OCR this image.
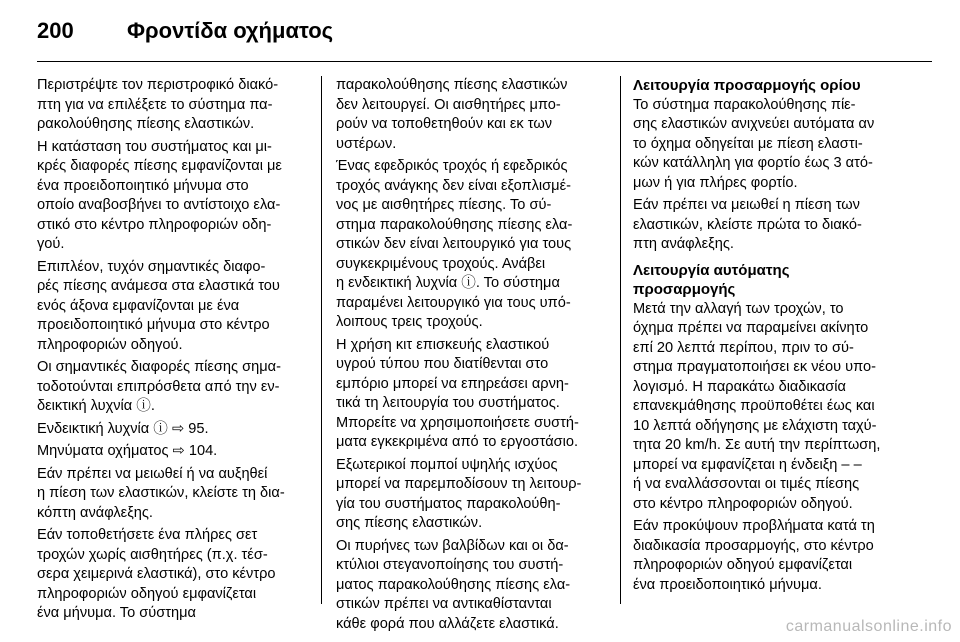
200	Φροντίδα οχήματος

Περιστρέψτε τον περιστροφικό διακό-
πτη για να επιλέξετε το σύστημα πα-
ρακολούθησης πίεσης ελαστικών.

Η κατάσταση του συστήματος και μι-
κρές διαφορές πίεσης εμφανίζονται με
ένα προειδοποιητικό μήνυμα στο
οποίο αναβοσβήνει το αντίστοιχο ελα-
στικό στο κέντρο πληροφοριών οδη-
γού.

Επιπλέον, τυχόν σημαντικές διαφο-
ρές πίεσης ανάμεσα στα ελαστικά του
ενός άξονα εμφανίζονται με ένα
προειδοποιητικό μήνυμα στο κέντρο
πληροφοριών οδηγού.

Οι σημαντικές διαφορές πίεσης σημα-
τοδοτούνται επιπρόσθετα από την εν-
δεικτική λυχνία ⓘ.

Ενδεικτική λυχνία ⓘ ⇨ 95.

Μηνύματα οχήματος ⇨ 104.

Εάν πρέπει να μειωθεί ή να αυξηθεί
η πίεση των ελαστικών, κλείστε τη δια-
κόπτη ανάφλεξης.

Εάν τοποθετήσετε ένα πλήρες σετ
τροχών χωρίς αισθητήρες (π.χ. τέσ-
σερα χειμερινά ελαστικά), στο κέντρο
πληροφοριών οδηγού εμφανίζεται
ένα μήνυμα. Το σύστημα

παρακολούθησης πίεσης ελαστικών
δεν λειτουργεί. Οι αισθητήρες μπο-
ρούν να τοποθετηθούν και εκ των
υστέρων.

Ένας εφεδρικός τροχός ή εφεδρικός
τροχός ανάγκης δεν είναι εξοπλισμέ-
νος με αισθητήρες πίεσης. Το σύ-
στημα παρακολούθησης πίεσης ελα-
στικών δεν είναι λειτουργικό για τους
συγκεκριμένους τροχούς. Ανάβει
η ενδεικτική λυχνία ⓘ. Το σύστημα
παραμένει λειτουργικό για τους υπό-
λοιπους τρεις τροχούς.

Η χρήση κιτ επισκευής ελαστικού
υγρού τύπου που διατίθενται στο
εμπόριο μπορεί να επηρεάσει αρνη-
τικά τη λειτουργία του συστήματος.
Μπορείτε να χρησιμοποιήσετε συστή-
ματα εγκεκριμένα από το εργοστάσιο.

Εξωτερικοί πομποί υψηλής ισχύος
μπορεί να παρεμποδίσουν τη λειτουρ-
γία του συστήματος παρακολούθη-
σης πίεσης ελαστικών.

Οι πυρήνες των βαλβίδων και οι δα-
κτύλιοι στεγανοποίησης του συστή-
ματος παρακολούθησης πίεσης ελα-
στικών πρέπει να αντικαθίστανται
κάθε φορά που αλλάζετε ελαστικά.

Λειτουργία προσαρμογής ορίου

Το σύστημα παρακολούθησης πίε-
σης ελαστικών ανιχνεύει αυτόματα αν
το όχημα οδηγείται με πίεση ελαστι-
κών κατάλληλη για φορτίο έως 3 ατό-
μων ή για πλήρες φορτίο.

Εάν πρέπει να μειωθεί η πίεση των
ελαστικών, κλείστε πρώτα το διακό-
πτη ανάφλεξης.

Λειτουργία αυτόματης
προσαρμογής

Μετά την αλλαγή των τροχών, το
όχημα πρέπει να παραμείνει ακίνητο
επί 20 λεπτά περίπου, πριν το σύ-
στημα πραγματοποιήσει εκ νέου υπο-
λογισμό. Η παρακάτω διαδικασία
επανεκμάθησης προϋποθέτει έως και
10 λεπτά οδήγησης με ελάχιστη ταχύ-
τητα 20 km/h. Σε αυτή την περίπτωση,
μπορεί να εμφανίζεται η ένδειξη – –
ή να εναλλάσσονται οι τιμές πίεσης
στο κέντρο πληροφοριών οδηγού.

Εάν προκύψουν προβλήματα κατά τη
διαδικασία προσαρμογής, στο κέντρο
πληροφοριών οδηγού εμφανίζεται
ένα προειδοποιητικό μήνυμα.

carmanualsonline.info
